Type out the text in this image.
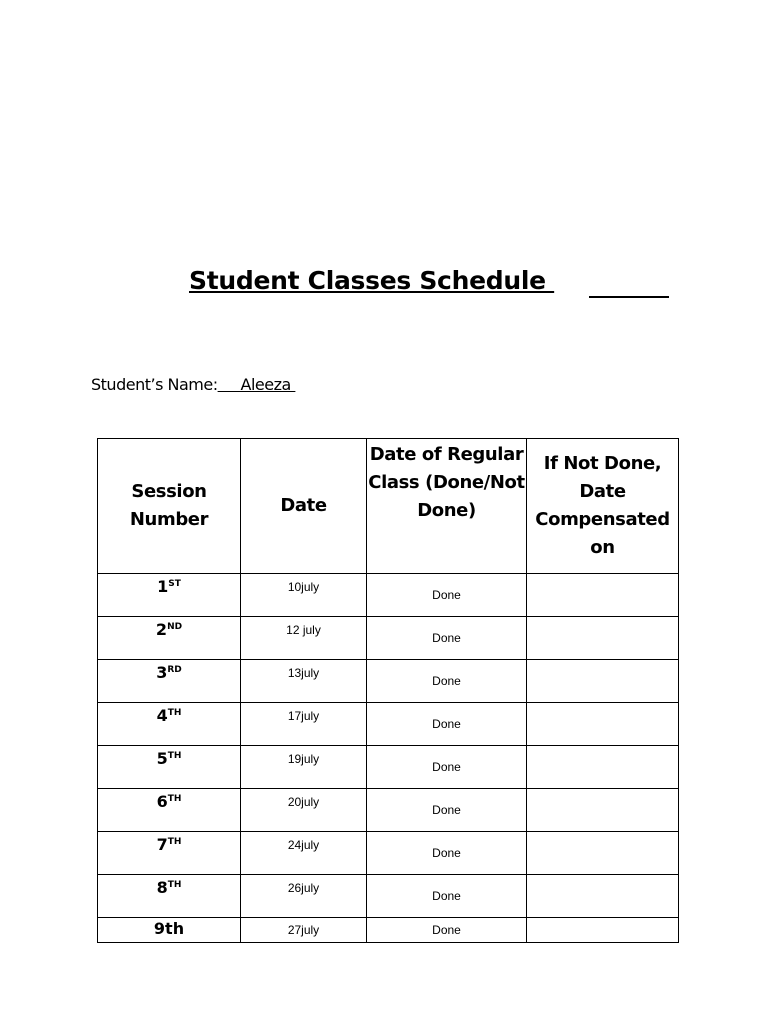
Student Classes Schedule
Student’s Name:     Aleeza
Session Number	Date	Date of Regular Class (Done/Not Done)	If Not Done, Date Compensated on
1ST	10july	Done	
2ND	12 july	Done	
3RD	13july	Done	
4TH	17july	Done	
5TH	19july	Done	
6TH	20july	Done	
7TH	24july	Done	
8TH	26july	Done	
9th	27july	Done	
